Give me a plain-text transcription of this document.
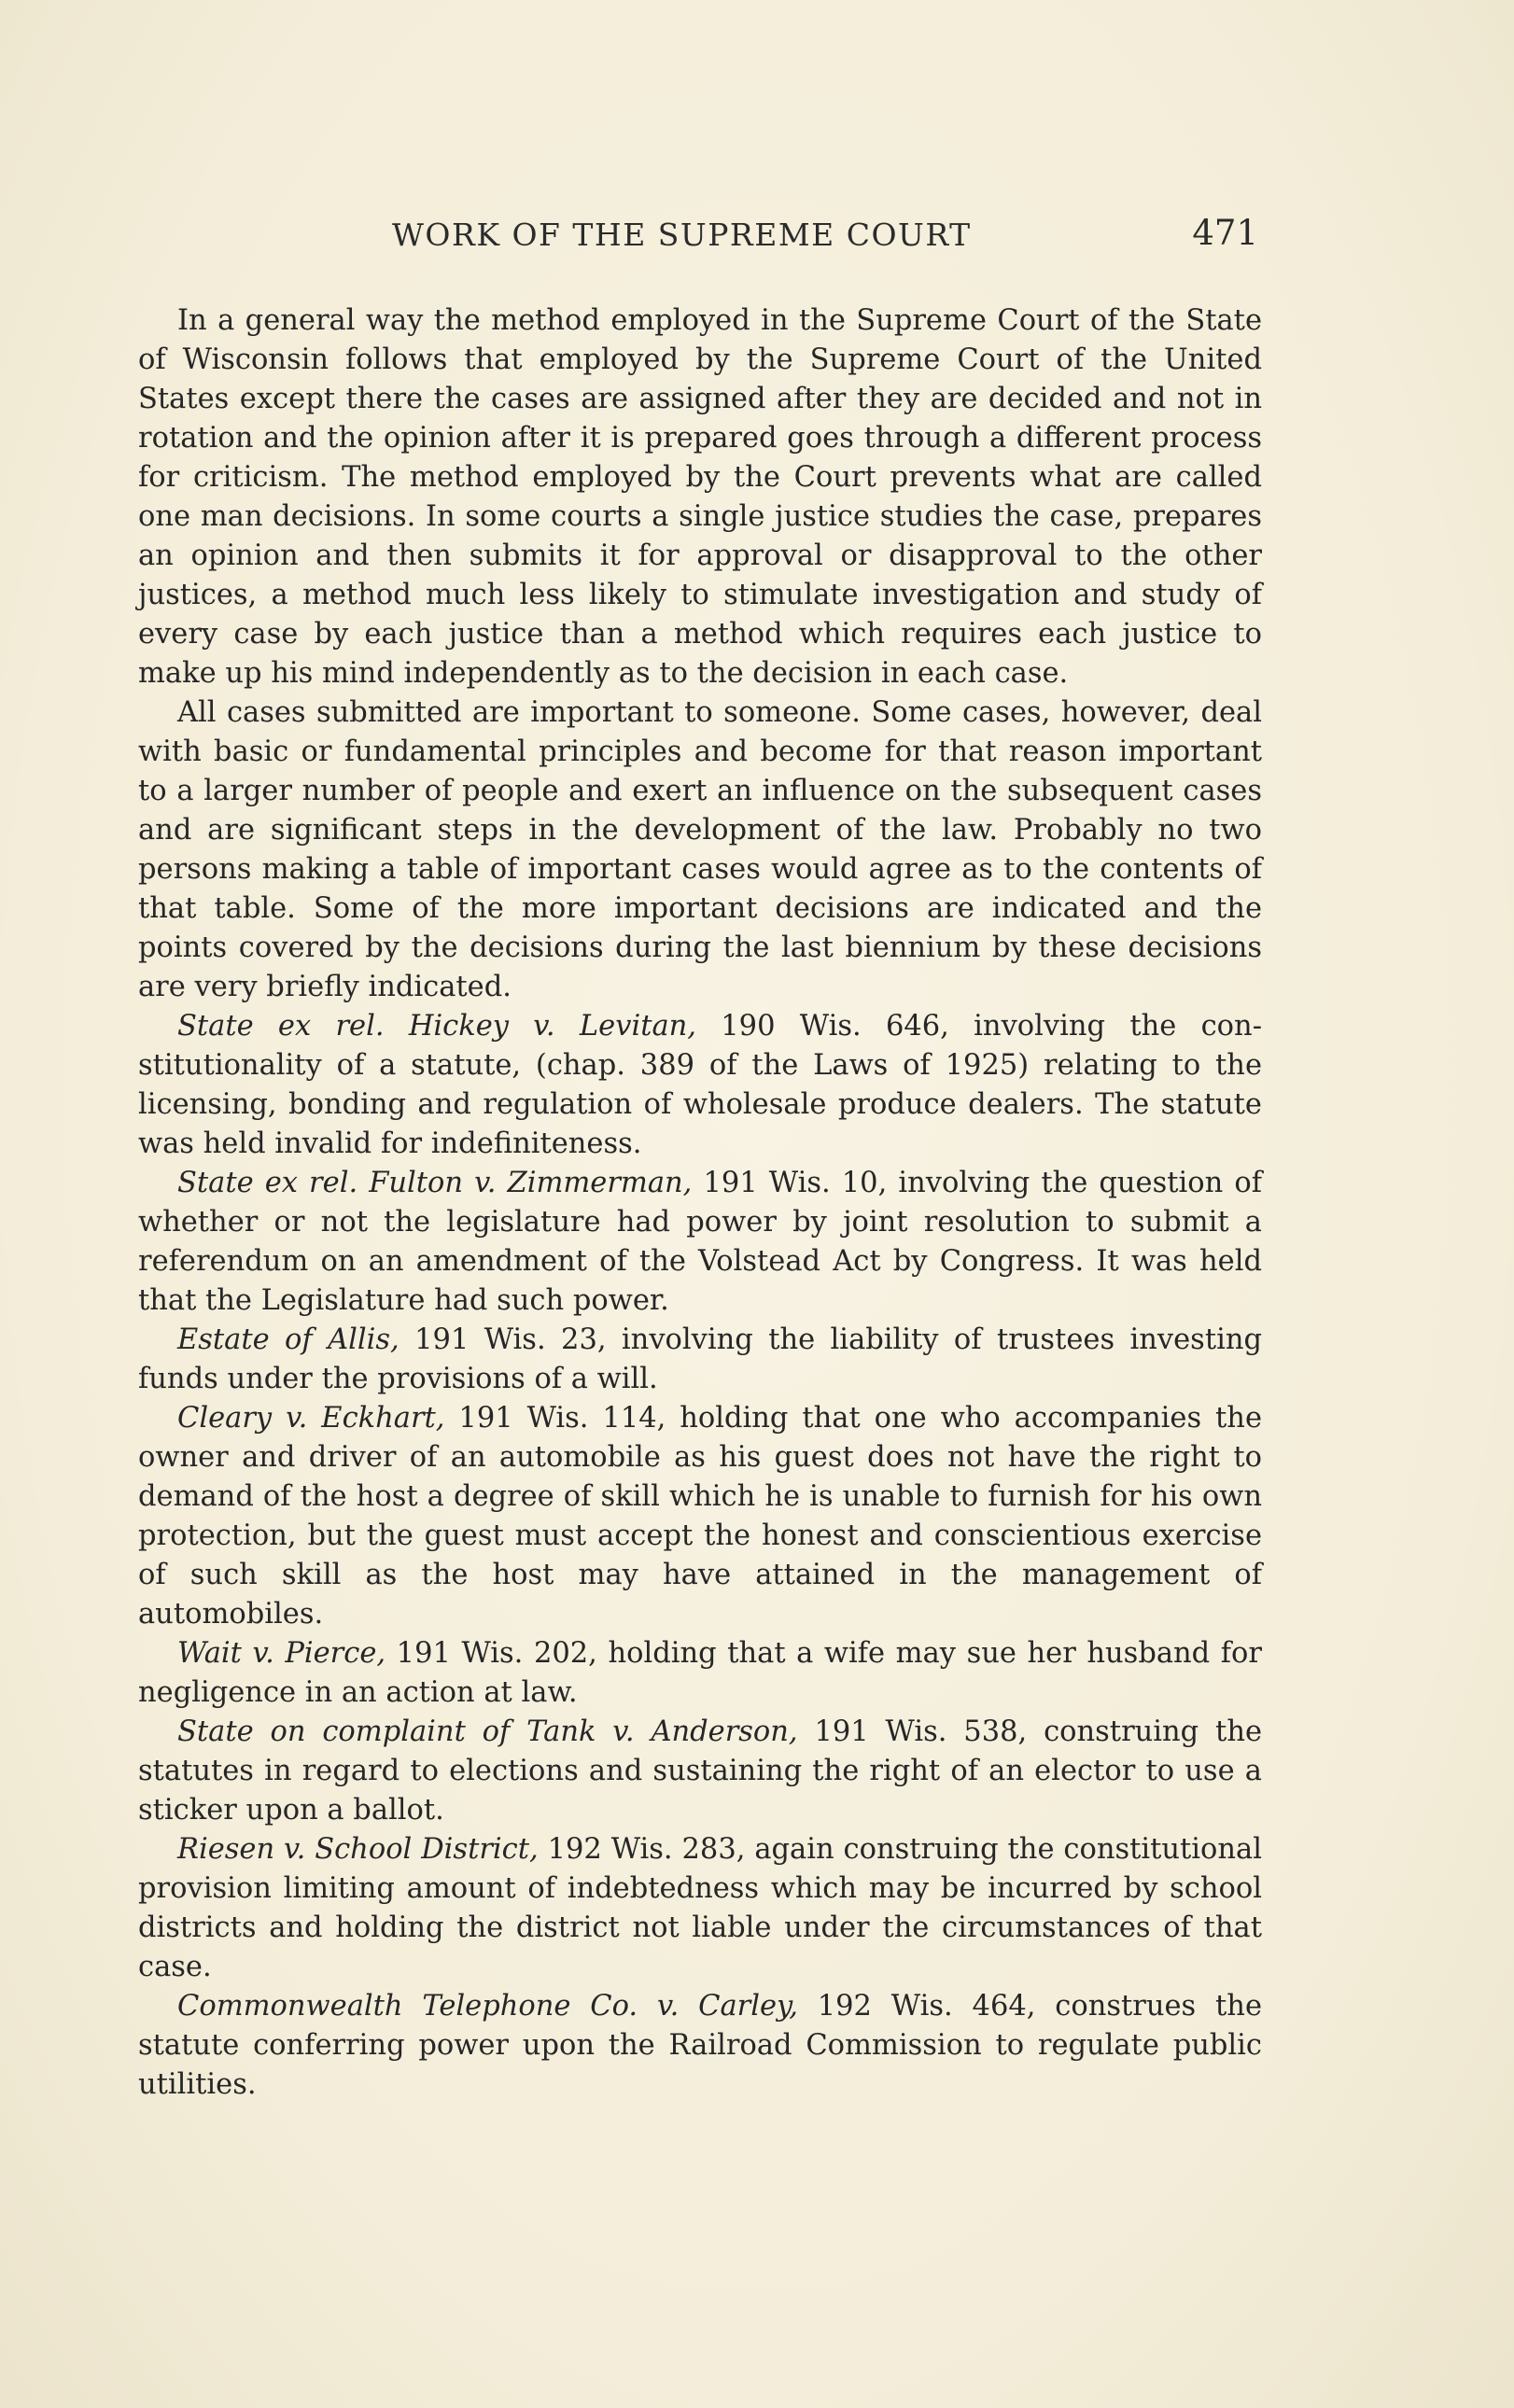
WORK OF THE SUPREME COURT	471

In a general way the method employed in the Supreme Court of the State of Wisconsin follows that employed by the Supreme Court of the United States except there the cases are assigned after they are decided and not in rotation and the opinion after it is prepared goes through a different process for criticism. The method employed by the Court prevents what are called one man decisions. In some courts a single justice studies the case, prepares an opinion and then submits it for approval or disapproval to the other justices, a method much less likely to stimulate investigation and study of every case by each justice than a method which requires each justice to make up his mind independently as to the decision in each case.

All cases submitted are important to someone. Some cases, however, deal with basic or fundamental principles and become for that reason important to a larger number of people and exert an influence on the subsequent cases and are significant steps in the development of the law. Probably no two persons making a table of important cases would agree as to the contents of that table. Some of the more important decisions are indicated and the points covered by the decisions during the last biennium by these decisions are very briefly indicated.

State ex rel. Hickey v. Levitan, 190 Wis. 646, involving the constitutionality of a statute, (chap. 389 of the Laws of 1925) relating to the licensing, bonding and regulation of wholesale produce dealers. The statute was held invalid for indefiniteness.

State ex rel. Fulton v. Zimmerman, 191 Wis. 10, involving the question of whether or not the legislature had power by joint resolution to submit a referendum on an amendment of the Volstead Act by Congress. It was held that the Legislature had such power.

Estate of Allis, 191 Wis. 23, involving the liability of trustees investing funds under the provisions of a will.

Cleary v. Eckhart, 191 Wis. 114, holding that one who accompanies the owner and driver of an automobile as his guest does not have the right to demand of the host a degree of skill which he is unable to furnish for his own protection, but the guest must accept the honest and conscientious exercise of such skill as the host may have attained in the management of automobiles.

Wait v. Pierce, 191 Wis. 202, holding that a wife may sue her husband for negligence in an action at law.

State on complaint of Tank v. Anderson, 191 Wis. 538, construing the statutes in regard to elections and sustaining the right of an elector to use a sticker upon a ballot.

Riesen v. School District, 192 Wis. 283, again construing the constitutional provision limiting amount of indebtedness which may be incurred by school districts and holding the district not liable under the circumstances of that case.

Commonwealth Telephone Co. v. Carley, 192 Wis. 464, construes the statute conferring power upon the Railroad Commission to regulate public utilities.
